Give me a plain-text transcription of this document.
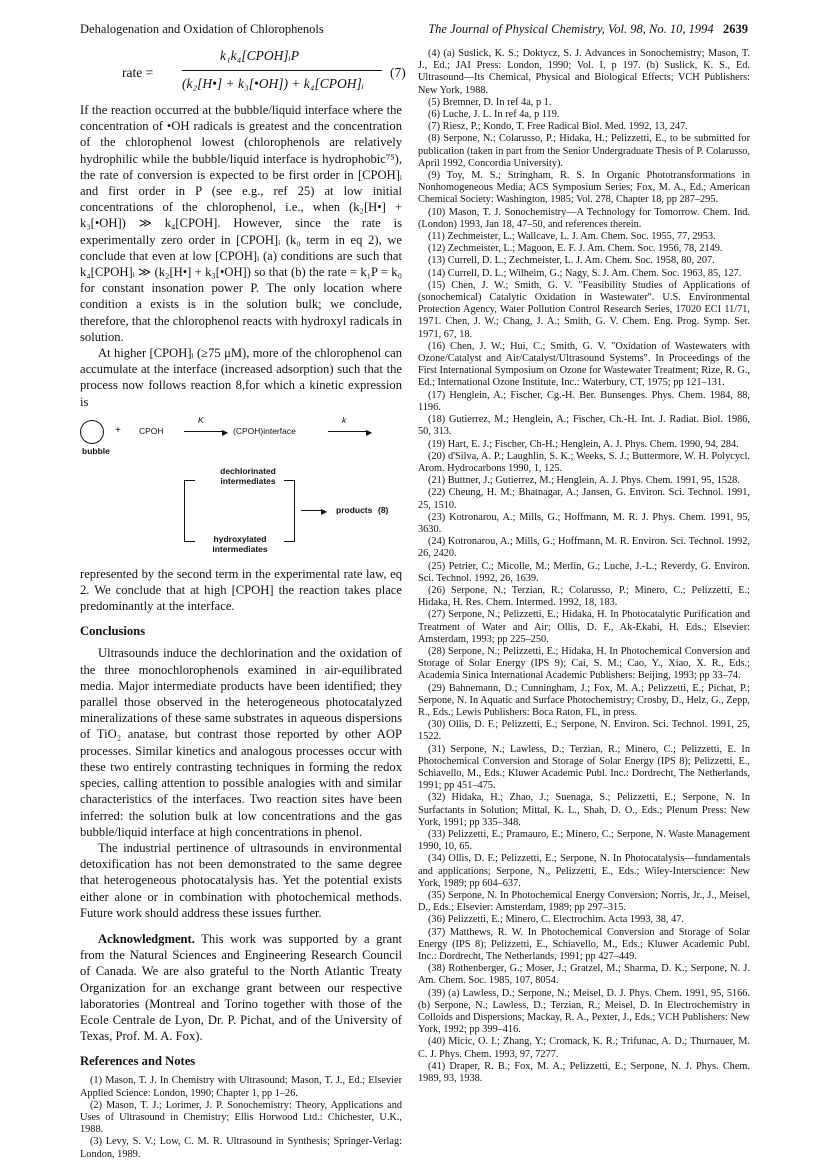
Dehalogenation and Oxidation of Chlorophenols	The Journal of Physical Chemistry, Vol. 98, No. 10, 1994 2639
rate =
k₁k₄[CPOH]ᵢP
(k₂[H•] + k₃[•OH]) + k₄[CPOH]ᵢ
(7)

If the reaction occurred at the bubble/liquid interface where the concentration of •OH radicals is greatest and the concentration of the chlorophenol lowest (chlorophenols are relatively hydrophilic while the bubble/liquid interface is hydrophobic⁷⁵), the rate of conversion is expected to be first order in [CPOH]ᵢ and first order in P (see e.g., ref 25) at low initial concentrations of the chlorophenol, i.e., when (k₂[H•] + k₃[•OH]) ≫ k₄[CPOH]. However, since the rate is experimentally zero order in [CPOH]ᵢ (k₀ term in eq 2), we conclude that even at low [CPOH]ᵢ (a) conditions are such that k₄[CPOH]ᵢ ≫ (k₂[H•] + k₃[•OH]) so that (b) the rate = k₁P = k₀ for constant insonation power P. The only location where condition a exists is in the solution bulk; we conclude, therefore, that the chlorophenol reacts with hydroxyl radicals in solution.

At higher [CPOH]ᵢ (≥75 μM), more of the chlorophenol can accumulate at the interface (increased adsorption) such that the process now follows reaction 8,for which a kinetic expression is

bubble
+ CPOH
K
▶ (CPOH)interface
k
▶
dechlorinated intermediates
hydroxylated intermediates
▶ products (8)

represented by the second term in the experimental rate law, eq 2. We conclude that at high [CPOH] the reaction takes place predominantly at the interface.

Conclusions

Ultrasounds induce the dechlorination and the oxidation of the three monochlorophenols examined in air-equilibrated media. Major intermediate products have been identified; they parallel those observed in the heterogeneous photocatalyzed mineralizations of these same substrates in aqueous dispersions of TiO₂ anatase, but contrast those reported by other AOP processes. Similar kinetics and analogous processes occur with these two entirely contrasting techniques in forming the redox species, calling attention to possible analogies with and similar characteristics of the interfaces. Two reaction sites have been inferred: the solution bulk at low concentrations and the gas bubble/liquid interface at high concentrations in phenol.

The industrial pertinence of ultrasounds in environmental detoxification has not been demonstrated to the same degree that heterogeneous photocatalysis has. Yet the potential exists either alone or in combination with photochemical methods. Future work should address these issues further.

Acknowledgment. This work was supported by a grant from the Natural Sciences and Engineering Research Council of Canada. We are also grateful to the North Atlantic Treaty Organization for an exchange grant between our respective laboratories (Montreal and Torino together with those of the Ecole Centrale de Lyon, Dr. P. Pichat, and of the University of Texas, Prof. M. A. Fox).

References and Notes
(1) Mason, T. J. In Chemistry with Ultrasound; Mason, T. J., Ed.; Elsevier Applied Science: London, 1990; Chapter 1, pp 1–26.
(2) Mason, T. J.; Lorimer, J. P. Sonochemistry: Theory, Applications and Uses of Ultrasound in Chemistry; Ellis Horwood Ltd.: Chichester, U.K., 1988.
(3) Levy, S. V.; Low, C. M. R. Ultrasound in Synthesis; Springer-Verlag: London, 1989.
(4) (a) Suslick, K. S.; Doktycz, S. J. Advances in Sonochemistry; Mason, T. J., Ed.; JAI Press: London, 1990; Vol. I, p 197. (b) Suslick, K. S., Ed. Ultrasound—Its Chemical, Physical and Biological Effects; VCH Publishers: New York, 1988.
(5) Bremner, D. In ref 4a, p 1.
(6) Luche, J. L. In ref 4a, p 119.
(7) Riesz, P.; Kondo, T. Free Radical Biol. Med. 1992, 13, 247.
(8) Serpone, N.; Colarusso, P.; Hidaka, H.; Pelizzetti, E., to be submitted for publication (taken in part from the Senior Undergraduate Thesis of P. Colarusso, April 1992, Concordia University).
(9) Toy, M. S.; Stringham, R. S. In Organic Phototransformations in Nonhomogeneous Media; ACS Symposium Series; Fox, M. A., Ed.; American Chemical Society: Washington, 1985; Vol. 278, Chapter 18, pp 287–295.
(10) Mason, T. J. Sonochemistry—A Technology for Tomorrow. Chem. Ind. (London) 1993, Jan 18, 47–50, and references therein.
(11) Zechmeister, L.; Wallcave, L. J. Am. Chem. Soc. 1955, 77, 2953.
(12) Zechmeister, L.; Magoon, E. F. J. Am. Chem. Soc. 1956, 78, 2149.
(13) Currell, D. L.; Zechmeister, L. J. Am. Chem. Soc. 1958, 80, 207.
(14) Currell, D. L.; Wilheim, G.; Nagy, S. J. Am. Chem. Soc. 1963, 85, 127.
(15) Chen, J. W.; Smith, G. V. "Feasibility Studies of Applications of (sonochemical) Catalytic Oxidation in Wastewater". U.S. Environmental Protection Agency, Water Pollution Control Research Series, 17020 ECI 11/71, 1971. Chen, J. W.; Chang, J. A.; Smith, G. V. Chem. Eng. Prog. Symp. Ser. 1971, 67, 18.
(16) Chen, J. W.; Hui, C.; Smith, G. V. "Oxidation of Wastewaters with Ozone/Catalyst and Air/Catalyst/Ultrasound Systems". In Proceedings of the First International Symposium on Ozone for Wastewater Treatment; Rize, R. G., Ed.; International Ozone Institute, Inc.: Waterbury, CT, 1975; pp 121–131.
(17) Henglein, A.; Fischer, Cg.-H. Ber. Bunsenges. Phys. Chem. 1984, 88, 1196.
(18) Gutierrez, M.; Henglein, A.; Fischer, Ch.-H. Int. J. Radiat. Biol. 1986, 50, 313.
(19) Hart, E. J.; Fischer, Ch-H.; Henglein, A. J. Phys. Chem. 1990, 94, 284.
(20) d'Silva, A. P.; Laughlin, S. K.; Weeks, S. J.; Buttermore, W. H. Polycycl. Arom. Hydrocarbons 1990, 1, 125.
(21) Buttner, J.; Gutierrez, M.; Henglein, A. J. Phys. Chem. 1991, 95, 1528.
(22) Cheung, H. M.; Bhatnagar, A.; Jansen, G. Environ. Sci. Technol. 1991, 25, 1510.
(23) Kotronarou, A.; Mills, G.; Hoffmann, M. R. J. Phys. Chem. 1991, 95, 3630.
(24) Kotronarou, A.; Mills, G.; Hoffmann, M. R. Environ. Sci. Technol. 1992, 26, 2420.
(25) Petrier, C.; Micolle, M.; Merlin, G.; Luche, J.-L.; Reverdy, G. Environ. Sci. Technol. 1992, 26, 1639.
(26) Serpone, N.; Terzian, R.; Colarusso, P.; Minero, C.; Pelizzetti, E.; Hidaka, H. Res. Chem. Intermed. 1992, 18, 183.
(27) Serpone, N.; Pelizzetti, E.; Hidaka, H. In Photocatalytic Purification and Treatment of Water and Air; Ollis, D. F., Ak-Ekabi, H. Eds.; Elsevier: Amsterdam, 1993; pp 225–250.
(28) Serpone, N.; Pelizzetti, E.; Hidaka, H. In Photochemical Conversion and Storage of Solar Energy (IPS 9); Cai, S. M.; Cao, Y., Xiao, X. R., Eds.; Academia Sinica International Academic Publishers: Beijing, 1993; pp 33–74.
(29) Bahnemann, D.; Cunningham, J.; Fox, M. A.; Pelizzetti, E.; Pichat, P.; Serpone, N. In Aquatic and Surface Photochemistry; Crosby, D., Helz, G., Zepp, R., Eds.; Lewis Publishers: Boca Raton, FL, in press.
(30) Ollis, D. F.; Pelizzetti, E.; Serpone, N. Environ. Sci. Technol. 1991, 25, 1522.
(31) Serpone, N.; Lawless, D.; Terzian, R.; Minero, C.; Pelizzetti, E. In Photochemical Conversion and Storage of Solar Energy (IPS 8); Pelizzetti, E., Schiavello, M., Eds.; Kluwer Academic Publ. Inc.: Dordrecht, The Netherlands, 1991; pp 451–475.
(32) Hidaka, H.; Zhao, J.; Suenaga, S.; Pelizzetti, E.; Serpone, N. In Surfactants in Solution; Mittal, K. L., Shah, D. O., Eds.; Plenum Press: New York, 1991; pp 335–348.
(33) Pelizzetti, E.; Pramauro, E.; Minero, C.; Serpone, N. Waste Management 1990, 10, 65.
(34) Ollis, D. F.; Pelizzetti, E.; Serpone, N. In Photocatalysis—fundamentals and applications; Serpone, N., Pelizzetti, E., Eds.; Wiley-Interscience: New York, 1989; pp 604–637.
(35) Serpone, N. In Photochemical Energy Conversion; Norris, Jr., J., Meisel, D., Eds.; Elsevier: Amsterdam, 1989; pp 297–315.
(36) Pelizzetti, E.; Minero, C. Electrochim. Acta 1993, 38, 47.
(37) Matthews, R. W. In Photochemical Conversion and Storage of Solar Energy (IPS 8); Pelizzetti, E., Schiavello, M., Eds.; Kluwer Academic Publ. Inc.: Dordrecht, The Netherlands, 1991; pp 427–449.
(38) Rothenberger, G.; Moser, J.; Gratzel, M.; Sharma, D. K.; Serpone, N. J. Am. Chem. Soc. 1985, 107, 8054.
(39) (a) Lawless, D.; Serpone, N.; Meisel, D. J. Phys. Chem. 1991, 95, 5166. (b) Serpone, N.; Lawless, D.; Terzian, R.; Meisel, D. In Electrochemistry in Colloids and Dispersions; Mackay, R. A., Pexter, J., Eds.; VCH Publishers: New York, 1992; pp 399–416.
(40) Micic, O. I.; Zhang, Y.; Cromack, K. R.; Trifunac, A. D.; Thurnauer, M. C. J. Phys. Chem. 1993, 97, 7277.
(41) Draper, R. B.; Fox, M. A.; Pelizzetti, E.; Serpone, N. J. Phys. Chem. 1989, 93, 1938.
